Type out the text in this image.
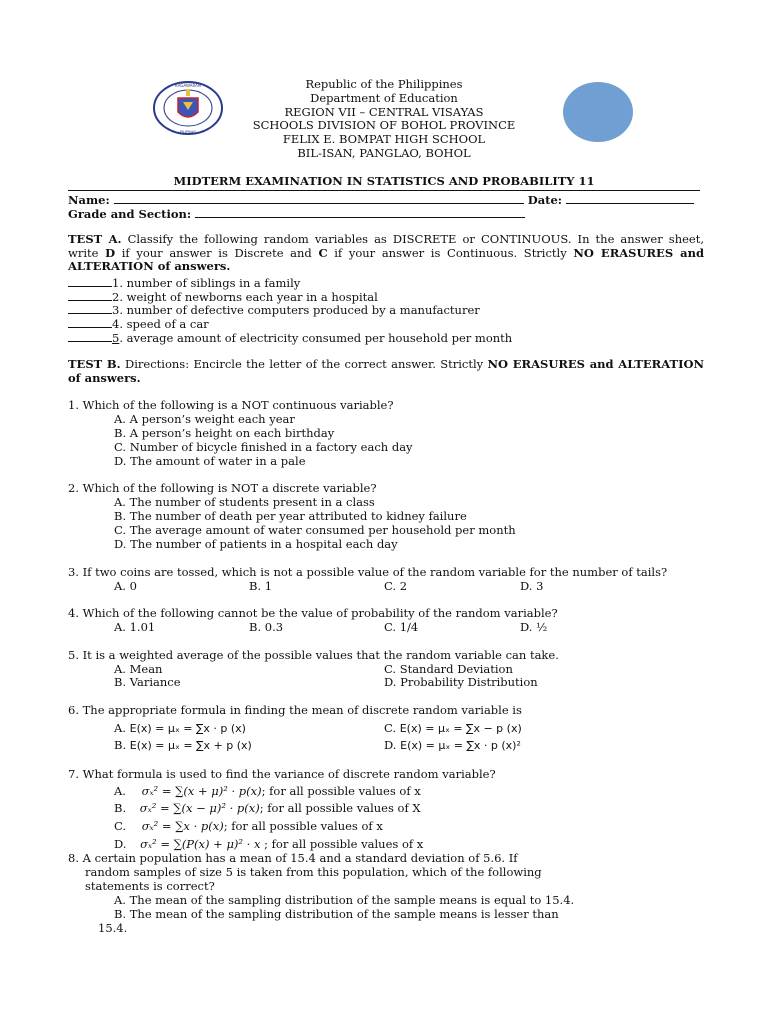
KAGAWARAN
PILIPINAS
Republic of the Philippines
Department of Education
REGION VII – CENTRAL VISAYAS
SCHOOLS DIVISION OF BOHOL PROVINCE
FELIX E. BOMPAT HIGH SCHOOL
BIL-ISAN, PANGLAO, BOHOL
MIDTERM EXAMINATION IN STATISTICS AND PROBABILITY 11
Name:	Date:
Grade and Section:
TEST A. Classify the following random variables as DISCRETE or CONTINUOUS. In the answer sheet, write D if your answer is Discrete and C if your answer is Continuous. Strictly NO ERASURES and ALTERATION of answers.
1. number of siblings in a family
2. weight of newborns each year in a hospital
3. number of defective computers produced by a manufacturer
4. speed of a car
5. average amount of electricity consumed per household per month
TEST B. Directions: Encircle the letter of the correct answer. Strictly NO ERASURES and ALTERATION of answers.
1. Which of the following is a NOT continuous variable?
A. A person’s weight each year
B. A person’s height on each birthday
C. Number of bicycle finished in a factory each day
D. The amount of water in a pale
2. Which of the following is NOT a discrete variable?
A. The number of students present in a class
B. The number of death per year attributed to kidney failure
C. The average amount of water consumed per household per month
D. The number of patients in a hospital each day
3. If two coins are tossed, which is not a possible value of the random variable for the number of tails?
A. 0	B. 1	C. 2	D. 3
4. Which of the following cannot be the value of probability of the random variable?
A. 1.01	B. 0.3	C. 1/4	D. ½
5. It is a weighted average of the possible values that the random variable can take.
A. Mean
B. Variance
C. Standard Deviation
D. Probability Distribution
6. The appropriate formula in finding the mean of discrete random variable is
A. E(x) = μₓ = ∑x · p (x)
B. E(x) = μₓ = ∑x + p (x)
C. E(x) = μₓ = ∑x − p (x)
D. E(x) = μₓ = ∑x · p (x)²
7. What formula is used to find the variance of discrete random variable?
A. σₓ² = ∑(x + μ)² · p(x); for all possible values of x
B. σₓ² = ∑(x − μ)² · p(x); for all possible values of X
C. σₓ² = ∑x · p(x); for all possible values of x
D. σₓ² = ∑(P(x) + μ)² · x ; for all possible values of x
8. A certain population has a mean of 15.4 and a standard deviation of 5.6. If
random samples of size 5 is taken from this population, which of the following
statements is correct?
A. The mean of the sampling distribution of the sample means is equal to 15.4.
B. The mean of the sampling distribution of the sample means is lesser than
15.4.
